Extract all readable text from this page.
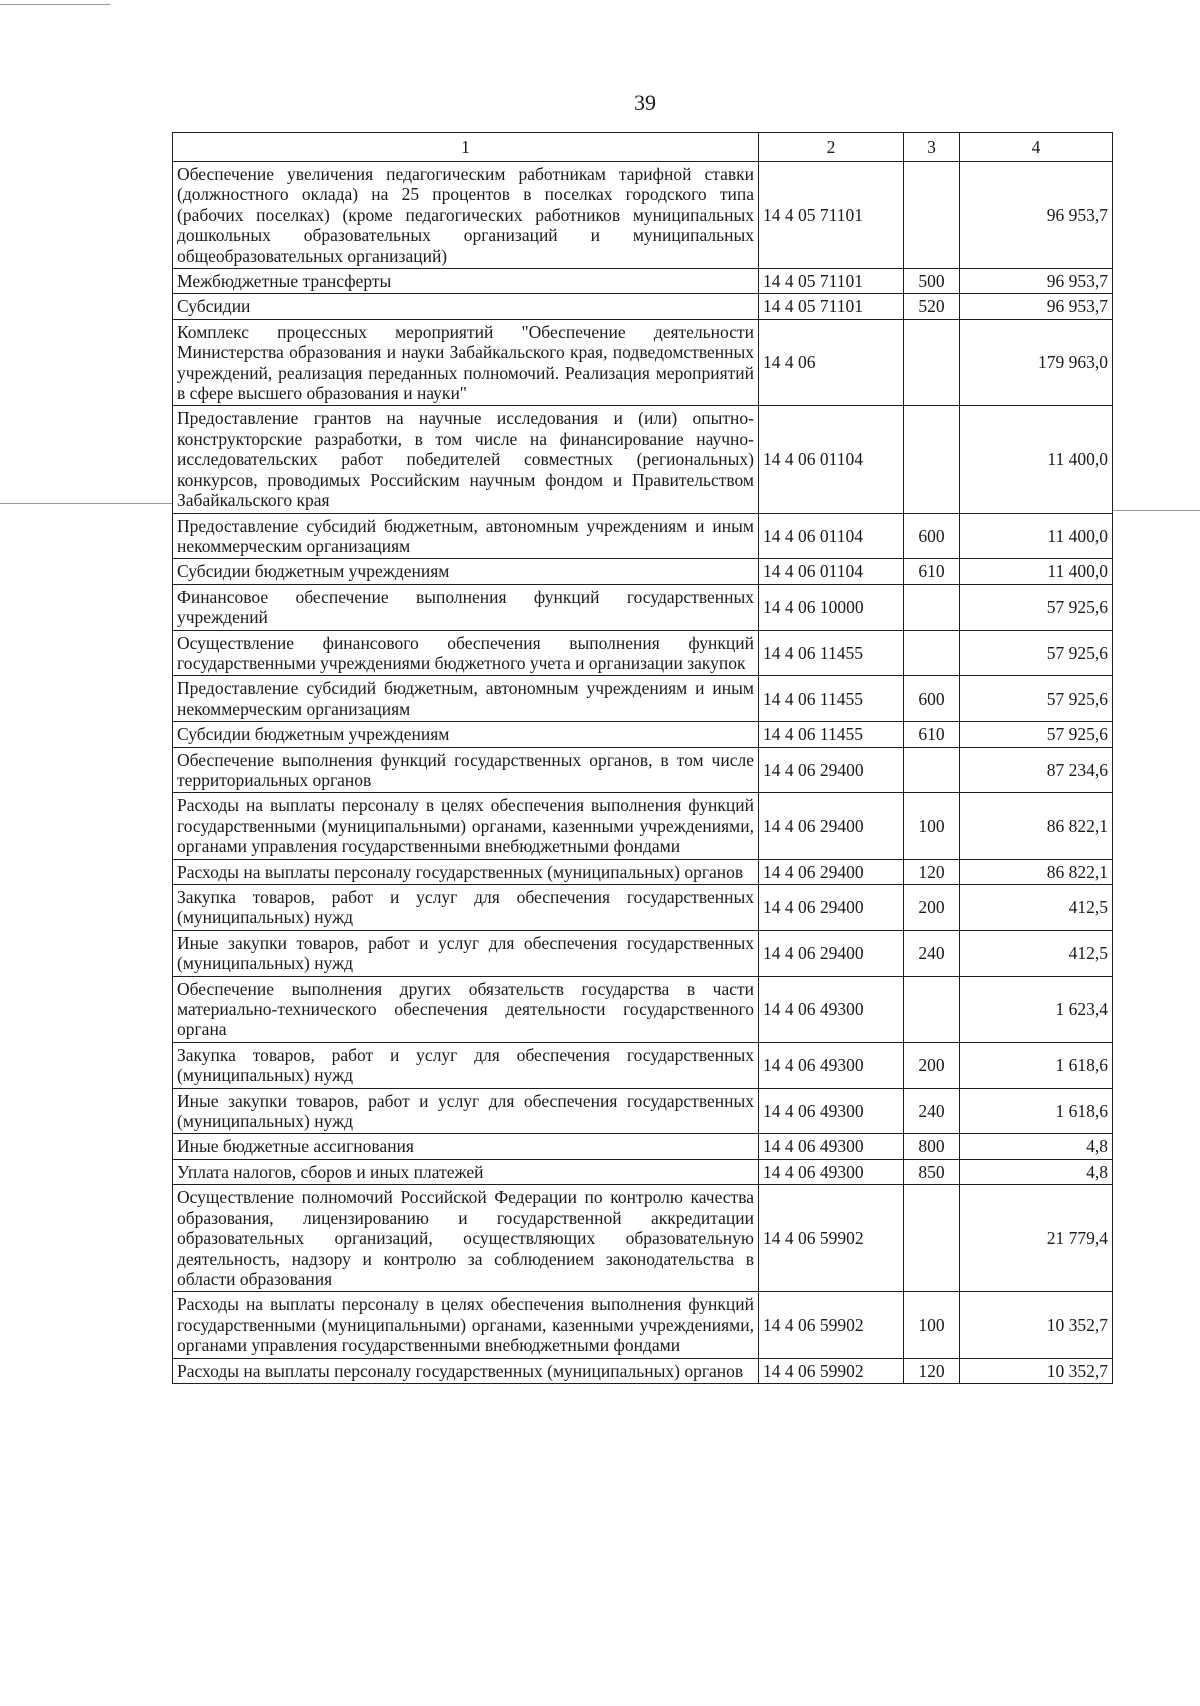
39
1	2	3	4
Обеспечение увеличения педагогическим работникам тарифной ставки (должностного оклада) на 25 процентов в поселках городского типа (рабочих поселках) (кроме педагогических работников муниципальных дошкольных образовательных организаций и муниципальных общеобразовательных организаций)	14 4 05 71101		96 953,7
Межбюджетные трансферты	14 4 05 71101	500	96 953,7
Субсидии	14 4 05 71101	520	96 953,7
Комплекс процессных мероприятий "Обеспечение деятельности Министерства образования и науки Забайкальского края, подведомственных учреждений, реализация переданных полномочий. Реализация мероприятий в сфере высшего образования и науки"	14 4 06		179 963,0
Предоставление грантов на научные исследования и (или) опытно-конструкторские разработки, в том числе на финансирование научно-исследовательских работ победителей совместных (региональных) конкурсов, проводимых Российским научным фондом и Правительством Забайкальского края	14 4 06 01104		11 400,0
Предоставление субсидий бюджетным, автономным учреждениям и иным некоммерческим организациям	14 4 06 01104	600	11 400,0
Субсидии бюджетным учреждениям	14 4 06 01104	610	11 400,0
Финансовое обеспечение выполнения функций государственных учреждений	14 4 06 10000		57 925,6
Осуществление финансового обеспечения выполнения функций государственными учреждениями бюджетного учета и организации закупок	14 4 06 11455		57 925,6
Предоставление субсидий бюджетным, автономным учреждениям и иным некоммерческим организациям	14 4 06 11455	600	57 925,6
Субсидии бюджетным учреждениям	14 4 06 11455	610	57 925,6
Обеспечение выполнения функций государственных органов, в том числе территориальных органов	14 4 06 29400		87 234,6
Расходы на выплаты персоналу в целях обеспечения выполнения функций государственными (муниципальными) органами, казенными учреждениями, органами управления государственными внебюджетными фондами	14 4 06 29400	100	86 822,1
Расходы на выплаты персоналу государственных (муниципальных) органов	14 4 06 29400	120	86 822,1
Закупка товаров, работ и услуг для обеспечения государственных (муниципальных) нужд	14 4 06 29400	200	412,5
Иные закупки товаров, работ и услуг для обеспечения государственных (муниципальных) нужд	14 4 06 29400	240	412,5
Обеспечение выполнения других обязательств государства в части материально-технического обеспечения деятельности государственного органа	14 4 06 49300		1 623,4
Закупка товаров, работ и услуг для обеспечения государственных (муниципальных) нужд	14 4 06 49300	200	1 618,6
Иные закупки товаров, работ и услуг для обеспечения государственных (муниципальных) нужд	14 4 06 49300	240	1 618,6
Иные бюджетные ассигнования	14 4 06 49300	800	4,8
Уплата налогов, сборов и иных платежей	14 4 06 49300	850	4,8
Осуществление полномочий Российской Федерации по контролю качества образования, лицензированию и государственной аккредитации образовательных организаций, осуществляющих образовательную деятельность, надзору и контролю за соблюдением законодательства в области образования	14 4 06 59902		21 779,4
Расходы на выплаты персоналу в целях обеспечения выполнения функций государственными (муниципальными) органами, казенными учреждениями, органами управления государственными внебюджетными фондами	14 4 06 59902	100	10 352,7
Расходы на выплаты персоналу государственных (муниципальных) органов	14 4 06 59902	120	10 352,7
